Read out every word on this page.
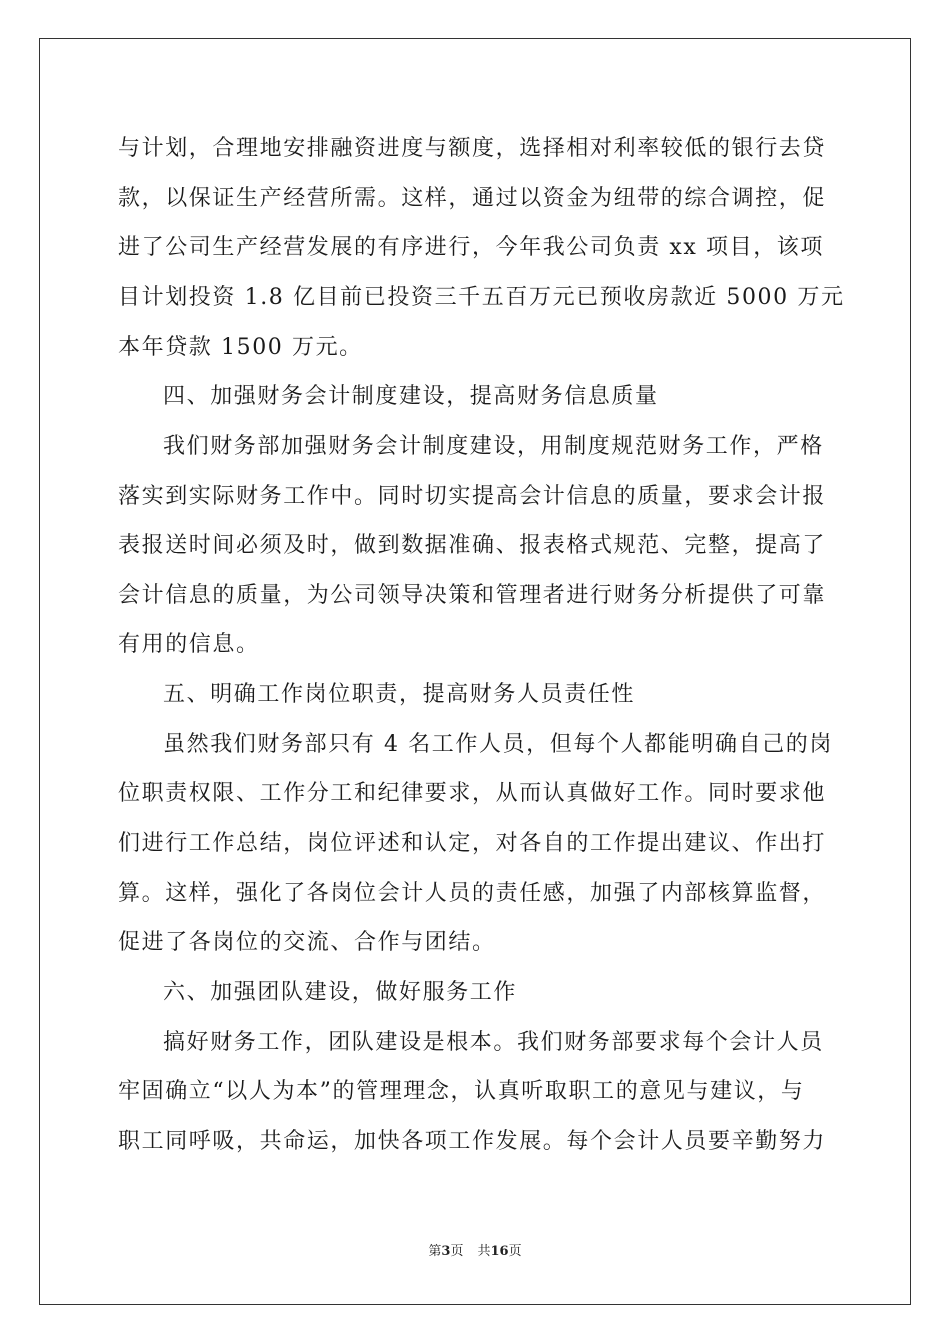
与计划，合理地安排融资进度与额度，选择相对利率较低的银行去贷
款，以保证生产经营所需。这样，通过以资金为纽带的综合调控，促
进了公司生产经营发展的有序进行，今年我公司负责 xx 项目，该项
目计划投资 1.8 亿目前已投资三千五百万元已预收房款近 5000 万元
本年贷款 1500 万元。
四、加强财务会计制度建设，提高财务信息质量
我们财务部加强财务会计制度建设，用制度规范财务工作，严格
落实到实际财务工作中。同时切实提高会计信息的质量，要求会计报
表报送时间必须及时，做到数据准确、报表格式规范、完整，提高了
会计信息的质量，为公司领导决策和管理者进行财务分析提供了可靠
有用的信息。
五、明确工作岗位职责，提高财务人员责任性
虽然我们财务部只有 4 名工作人员，但每个人都能明确自己的岗
位职责权限、工作分工和纪律要求，从而认真做好工作。同时要求他
们进行工作总结，岗位评述和认定，对各自的工作提出建议、作出打
算。这样，强化了各岗位会计人员的责任感，加强了内部核算监督，
促进了各岗位的交流、合作与团结。
六、加强团队建设，做好服务工作
搞好财务工作，团队建设是根本。我们财务部要求每个会计人员
牢固确立“以人为本”的管理理念，认真听取职工的意见与建议，与
职工同呼吸，共命运，加快各项工作发展。每个会计人员要辛勤努力
第3页 共16页
